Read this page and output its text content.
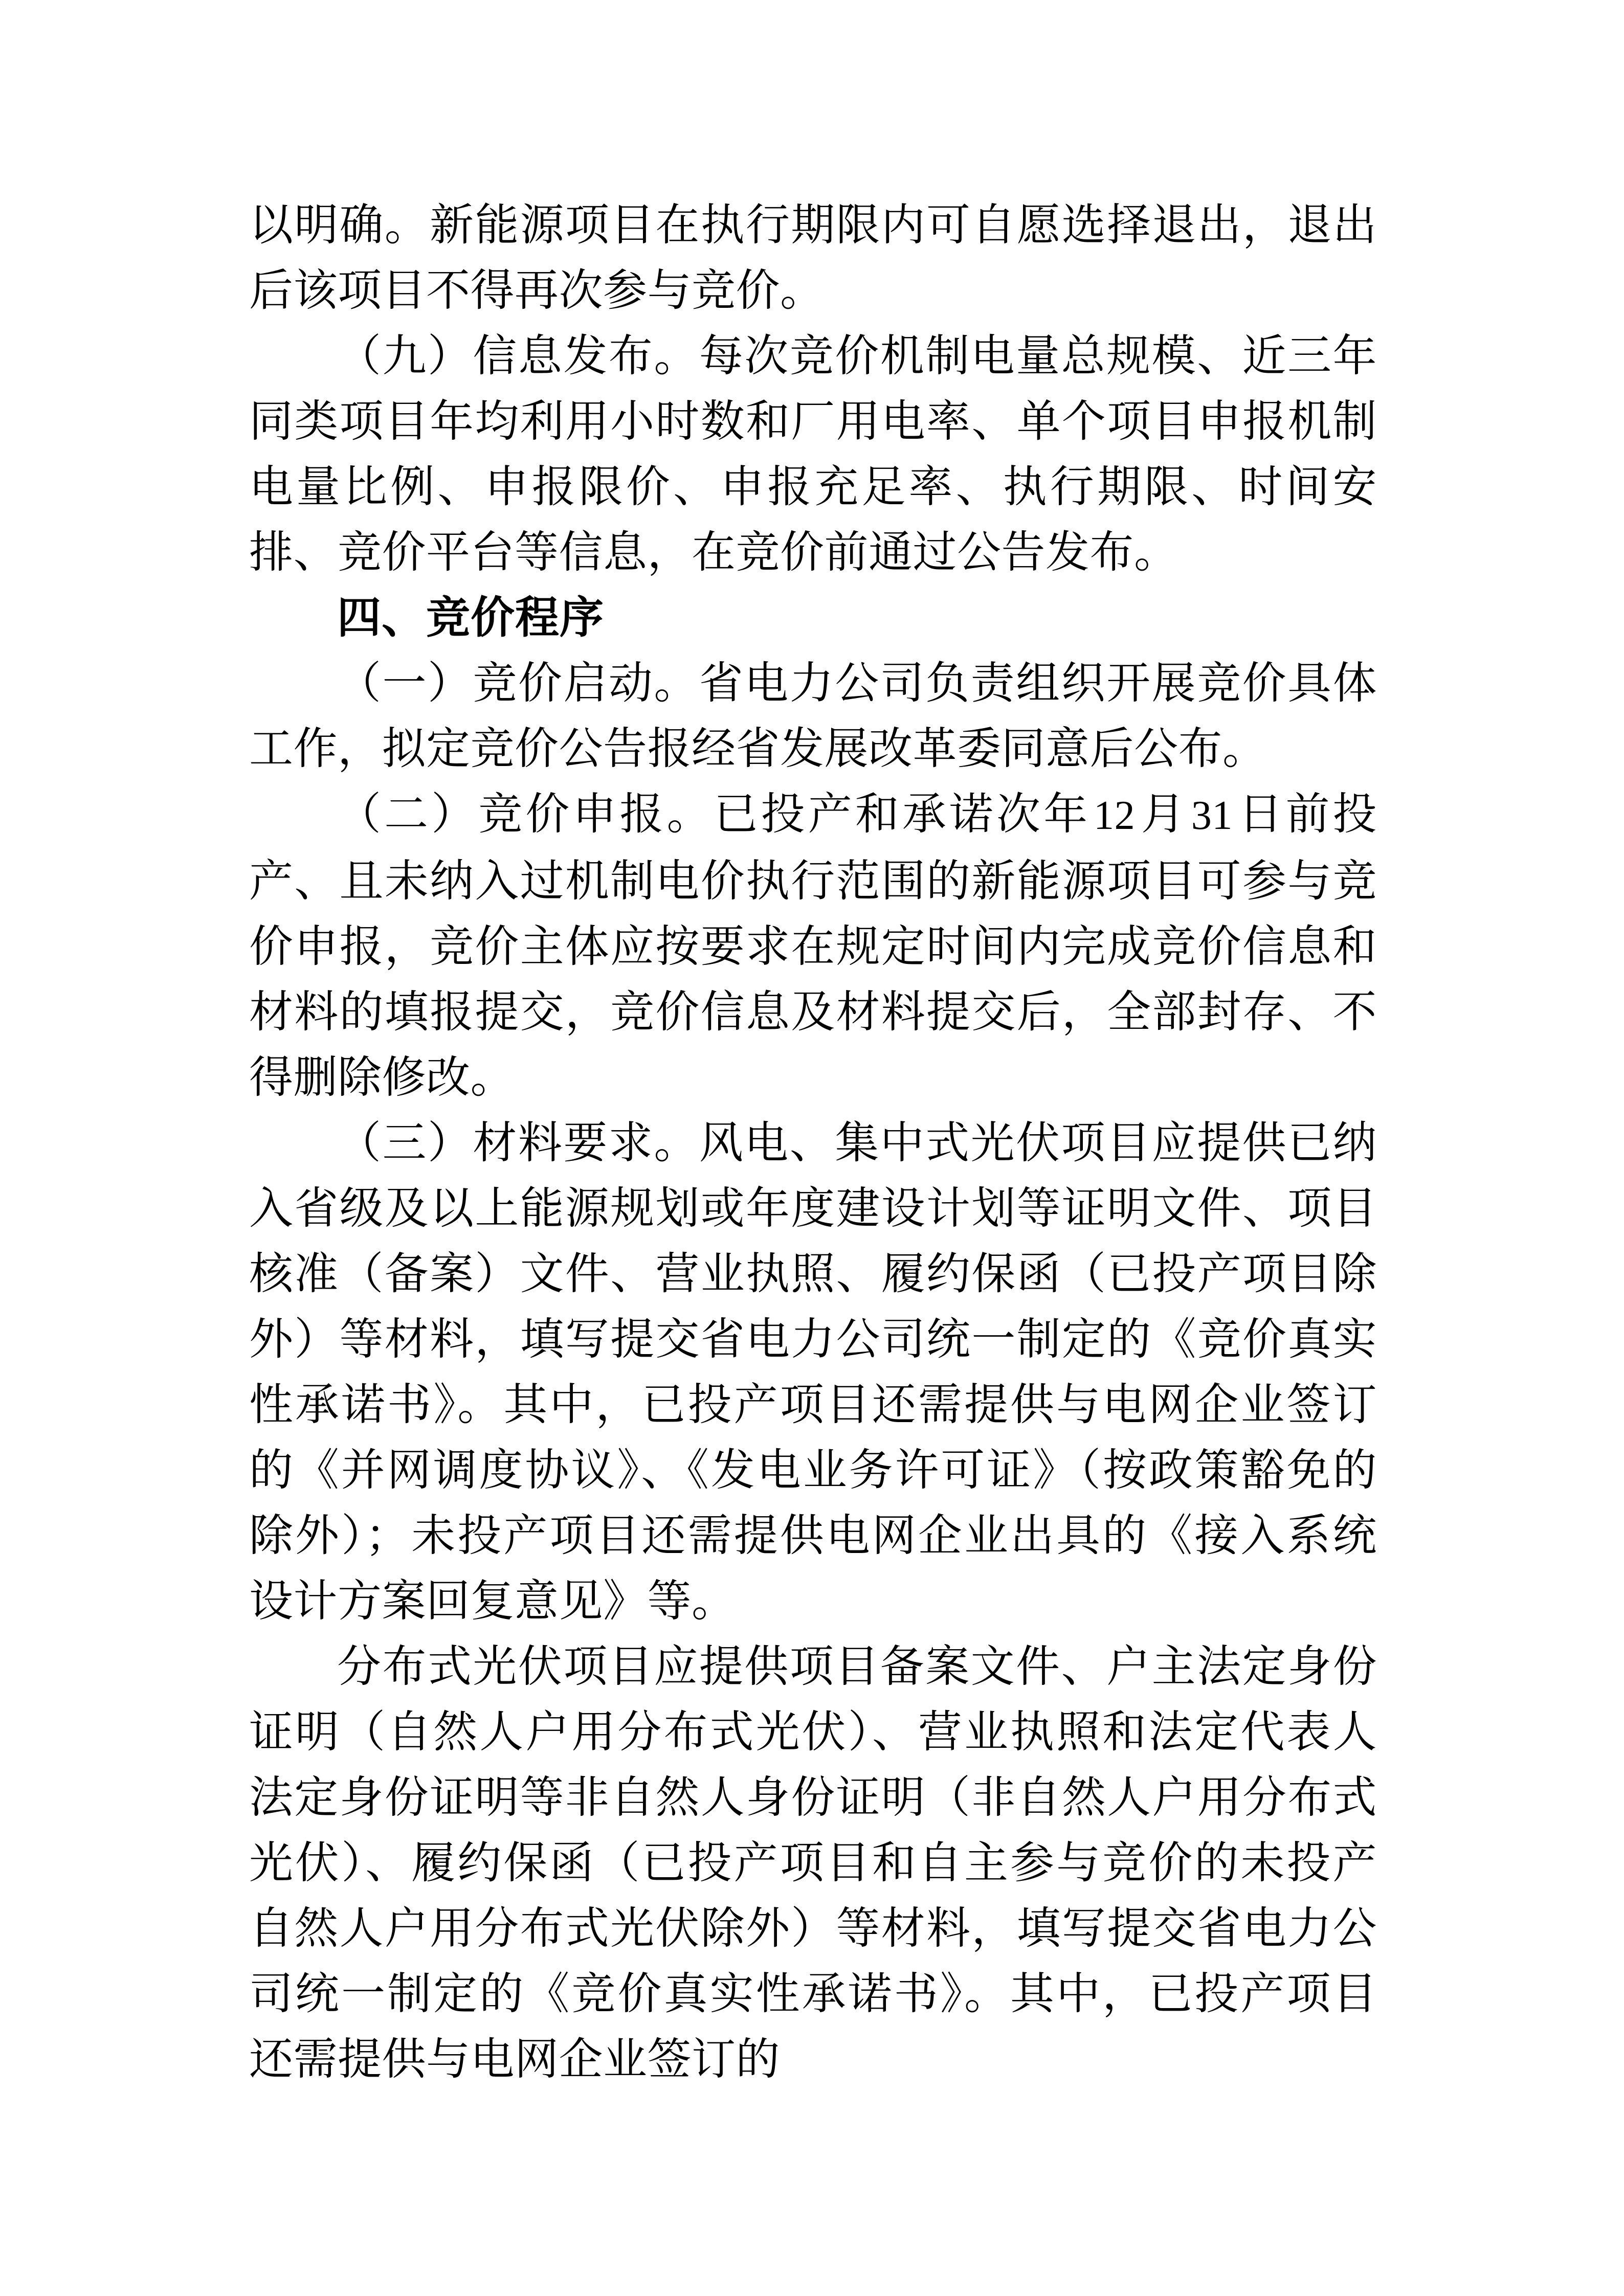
以明确。新能源项目在执行期限内可自愿选择退出，退出后该项目不得再次参与竞价。

（九）信息发布。每次竞价机制电量总规模、近三年同类项目年均利用小时数和厂用电率、单个项目申报机制电量比例、申报限价、申报充足率、执行期限、时间安排、竞价平台等信息，在竞价前通过公告发布。

四、竞价程序

（一）竞价启动。省电力公司负责组织开展竞价具体工作，拟定竞价公告报经省发展改革委同意后公布。

（二）竞价申报。已投产和承诺次年12月31日前投产、且未纳入过机制电价执行范围的新能源项目可参与竞价申报，竞价主体应按要求在规定时间内完成竞价信息和材料的填报提交，竞价信息及材料提交后，全部封存、不得删除修改。

（三）材料要求。风电、集中式光伏项目应提供已纳入省级及以上能源规划或年度建设计划等证明文件、项目核准（备案）文件、营业执照、履约保函（已投产项目除外）等材料，填写提交省电力公司统一制定的《竞价真实性承诺书》。其中，已投产项目还需提供与电网企业签订的《并网调度协议》、《发电业务许可证》（按政策豁免的除外）；未投产项目还需提供电网企业出具的《接入系统设计方案回复意见》等。

分布式光伏项目应提供项目备案文件、户主法定身份证明（自然人户用分布式光伏）、营业执照和法定代表人法定身份证明等非自然人身份证明（非自然人户用分布式光伏）、履约保函（已投产项目和自主参与竞价的未投产自然人户用分布式光伏除外）等材料，填写提交省电力公司统一制定的《竞价真实性承诺书》。其中，已投产项目还需提供与电网企业签订的
